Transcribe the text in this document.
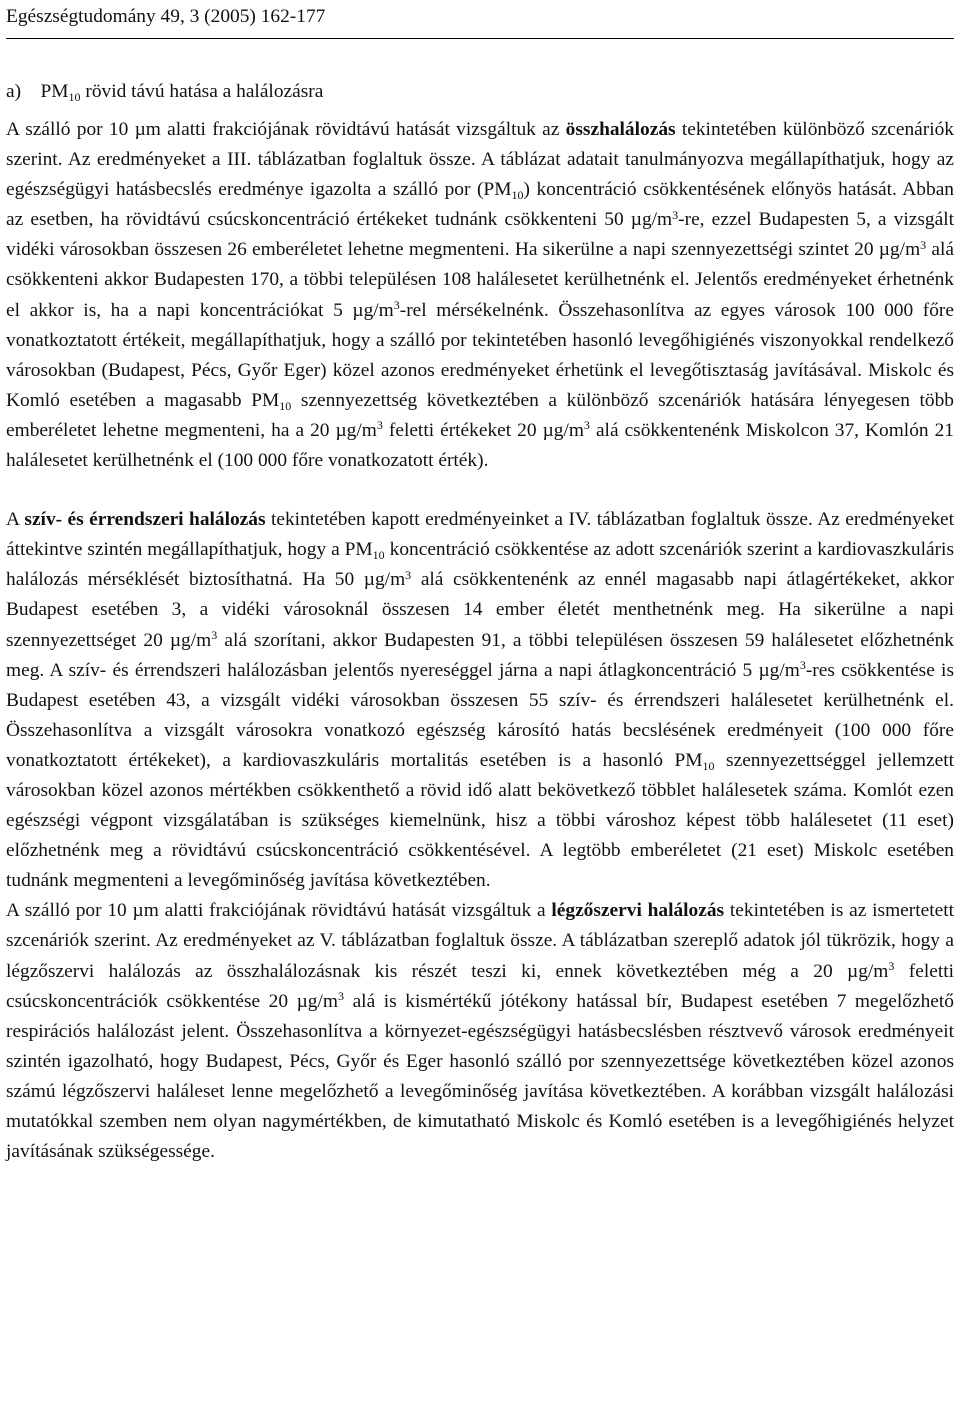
Egészségtudomány 49, 3 (2005) 162-177
a) $PM_{10}$ rövid távú hatása a halálozásra

A szálló por 10 µm alatti frakciójának rövidtávú hatását vizsgáltuk az összhalálozás tekintetében különböző szcenáriók szerint. Az eredményeket a III. táblázatban foglaltuk össze. A táblázat adatait tanulmányozva megállapíthatjuk, hogy az egészségügyi hatásbecslés eredménye igazolta a szálló por $(PM_{10})$ koncentráció csökkentésének előnyös hatását. Abban az esetben, ha rövidtávú csúcskoncentráció értékeket tudnánk csökkenteni 50 $\mu g/m^3-re$, ezzel Budapesten 5, a vizsgált vidéki városokban összesen 26 emberéletet lehetne megmenteni. Ha sikerülne a napi szennyezettségi szintet 20 $\mu g/m^3$ alá csökkenteni akkor Budapesten 170, a többi településen 108 halálesetet kerülhetnénk el. Jelentős eredményeket érhetnénk el akkor is, ha a napi koncentrációkat 5 $\mu g/m^3$-rel mérsékelnénk. Összehasonlítva az egyes városok 100 000 főre vonatkoztatott értékeit, megállapíthatjuk, hogy a szálló por tekintetében hasonló levegőhigiénés viszonyokkal rendelkező városokban (Budapest, Pécs, Győr Eger) közel azonos eredményeket érhetünk el levegőtisztaság javításával. Miskolc és Komló esetében a magasabb $PM_{10}$ szennyezettség következtében a különböző szcenáriók hatására lényegesen több emberéletet lehetne megmenteni, ha a 20 $\mu g/m^3$ feletti értékeket 20 $\mu g/m^3$ alá csökkentenénk Miskolcon 37, Komlón 21 halálesetet kerülhetnénk el (100 000 főre vonatkozatott érték).

A szív- és érrendszeri halálozás tekintetében kapott eredményeinket a IV. táblázatban foglaltuk össze. Az eredményeket áttekintve szintén megállapíthatjuk, hogy a $PM_{10}$ koncentráció csökkentése az adott szcenáriók szerint a kardiovaszkuláris halálozás mérséklését biztosíthatná. Ha 50 $\mu g/m^3$ alá csökkentenénk az ennél magasabb napi átlagértékeket, akkor Budapest esetében 3, a vidéki városoknál összesen 14 ember életét menthetnénk meg. Ha sikerülne a napi szennyezettséget 20 $\mu g/m^3$ alá szorítani, akkor Budapesten 91, a többi településen összesen 59 halálesetet előzhetnénk meg. A szív- és érrendszeri halálozásban jelentős nyereséggel járna a napi átlagkoncentráció 5 $\mu g/m^3$-res csökkentése is Budapest esetében 43, a vizsgált vidéki városokban összesen 55 szív- és érrendszeri halálesetet kerülhetnénk el. Összehasonlítva a vizsgált városokra vonatkozó egészség károsító hatás becslésének eredményeit (100 000 főre vonatkoztatott értékeket), a kardiovaszkuláris mortalitás esetében is a hasonló $PM_{10}$ szennyezettséggel jellemzett városokban közel azonos mértékben csökkenthető a rövid idő alatt bekövetkező többlet halálesetek száma. Komlót ezen egészségi végpont vizsgálatában is szükséges kiemelnünk, hisz a többi városhoz képest több halálesetet (11 eset) előzhetnénk meg a rövidtávú csúcskoncentráció csökkentésével. A legtöbb emberéletet (21 eset) Miskolc esetében tudnánk megmenteni a levegőminőség javítása következtében.

A szálló por 10 µm alatti frakciójának rövidtávú hatását vizsgáltuk a légzőszervi halálozás tekintetében is az ismertetett szcenáriók szerint. Az eredményeket az V. táblázatban foglaltuk össze. A táblázatban szereplő adatok jól tükrözik, hogy a légzőszervi halálozás az összhalálozásnak kis részét teszi ki, ennek következtében még a 20 $\mu g/m^3$ feletti csúcskoncentrációk csökkentése 20 $\mu g/m^3$ alá is kismértékű jótékony hatással bír, Budapest esetében 7 megelőzhető respirációs halálozást jelent. Összehasonlítva a környezet-egészségügyi hatásbecslésben résztvevő városok eredményeit szintén igazolható, hogy Budapest, Pécs, Győr és Eger hasonló szálló por szennyezettsége következtében közel azonos számú légzőszervi haláleset lenne megelőzhető a levegőminőség javítása következtében. A korábban vizsgált halálozási mutatókkal szemben nem olyan nagymértékben, de kimutatható Miskolc és Komló esetében is a levegőhigiénés helyzet javításának szükségessége.
